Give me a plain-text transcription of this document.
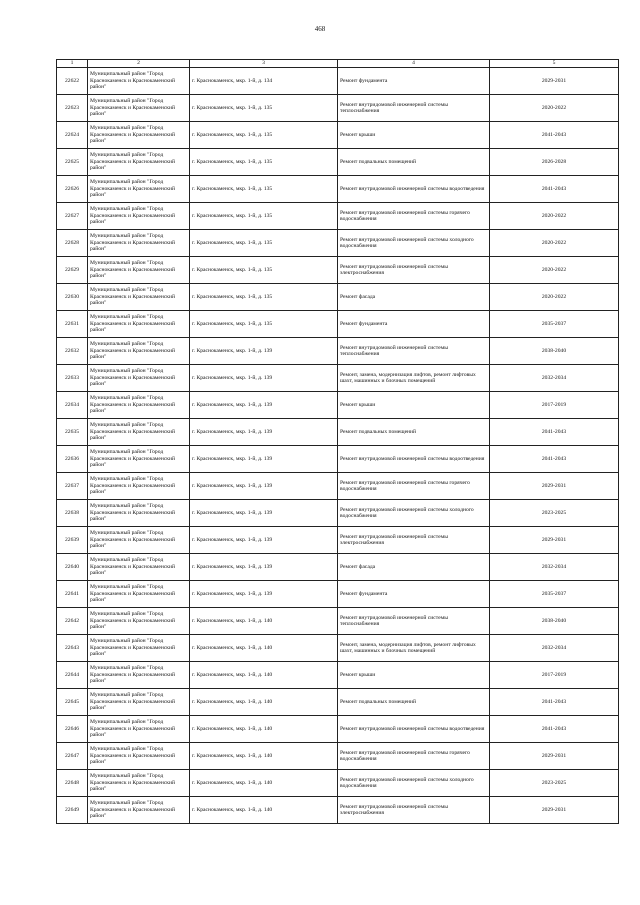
468
1	2	3	4	5
22622	Муниципальный район "Город Краснокаменск и Краснокаменский район"	г. Краснокаменск, мкр. 1-й, д. 134	Ремонт фундамента	2029-2031
22623	Муниципальный район "Город Краснокаменск и Краснокаменский район"	г. Краснокаменск, мкр. 1-й, д. 135	Ремонт внутридомовой инженерной системы теплоснабжения	2020-2022
22624	Муниципальный район "Город Краснокаменск и Краснокаменский район"	г. Краснокаменск, мкр. 1-й, д. 135	Ремонт крыши	2041-2043
22625	Муниципальный район "Город Краснокаменск и Краснокаменский район"	г. Краснокаменск, мкр. 1-й, д. 135	Ремонт подвальных помещений	2026-2028
22626	Муниципальный район "Город Краснокаменск и Краснокаменский район"	г. Краснокаменск, мкр. 1-й, д. 135	Ремонт внутридомовой инженерной системы водоотведения	2041-2043
22627	Муниципальный район "Город Краснокаменск и Краснокаменский район"	г. Краснокаменск, мкр. 1-й, д. 135	Ремонт внутридомовой инженерной системы горячего водоснабжения	2020-2022
22628	Муниципальный район "Город Краснокаменск и Краснокаменский район"	г. Краснокаменск, мкр. 1-й, д. 135	Ремонт внутридомовой инженерной системы холодного водоснабжения	2020-2022
22629	Муниципальный район "Город Краснокаменск и Краснокаменский район"	г. Краснокаменск, мкр. 1-й, д. 135	Ремонт внутридомовой инженерной системы электроснабжения	2020-2022
22630	Муниципальный район "Город Краснокаменск и Краснокаменский район"	г. Краснокаменск, мкр. 1-й, д. 135	Ремонт фасада	2020-2022
22631	Муниципальный район "Город Краснокаменск и Краснокаменский район"	г. Краснокаменск, мкр. 1-й, д. 135	Ремонт фундамента	2035-2037
22632	Муниципальный район "Город Краснокаменск и Краснокаменский район"	г. Краснокаменск, мкр. 1-й, д. 139	Ремонт внутридомовой инженерной системы теплоснабжения	2038-2040
22633	Муниципальный район "Город Краснокаменск и Краснокаменский район"	г. Краснокаменск, мкр. 1-й, д. 139	Ремонт, замена, модернизация лифтов, ремонт лифтовых шахт, машинных и блочных помещений	2032-2034
22634	Муниципальный район "Город Краснокаменск и Краснокаменский район"	г. Краснокаменск, мкр. 1-й, д. 139	Ремонт крыши	2017-2019
22635	Муниципальный район "Город Краснокаменск и Краснокаменский район"	г. Краснокаменск, мкр. 1-й, д. 139	Ремонт подвальных помещений	2041-2043
22636	Муниципальный район "Город Краснокаменск и Краснокаменский район"	г. Краснокаменск, мкр. 1-й, д. 139	Ремонт внутридомовой инженерной системы водоотведения	2041-2043
22637	Муниципальный район "Город Краснокаменск и Краснокаменский район"	г. Краснокаменск, мкр. 1-й, д. 139	Ремонт внутридомовой инженерной системы горячего водоснабжения	2029-2031
22638	Муниципальный район "Город Краснокаменск и Краснокаменский район"	г. Краснокаменск, мкр. 1-й, д. 139	Ремонт внутридомовой инженерной системы холодного водоснабжения	2023-2025
22639	Муниципальный район "Город Краснокаменск и Краснокаменский район"	г. Краснокаменск, мкр. 1-й, д. 139	Ремонт внутридомовой инженерной системы электроснабжения	2029-2031
22640	Муниципальный район "Город Краснокаменск и Краснокаменский район"	г. Краснокаменск, мкр. 1-й, д. 139	Ремонт фасада	2032-2034
22641	Муниципальный район "Город Краснокаменск и Краснокаменский район"	г. Краснокаменск, мкр. 1-й, д. 139	Ремонт фундамента	2035-2037
22642	Муниципальный район "Город Краснокаменск и Краснокаменский район"	г. Краснокаменск, мкр. 1-й, д. 140	Ремонт внутридомовой инженерной системы теплоснабжения	2038-2040
22643	Муниципальный район "Город Краснокаменск и Краснокаменский район"	г. Краснокаменск, мкр. 1-й, д. 140	Ремонт, замена, модернизация лифтов, ремонт лифтовых шахт, машинных и блочных помещений	2032-2034
22644	Муниципальный район "Город Краснокаменск и Краснокаменский район"	г. Краснокаменск, мкр. 1-й, д. 140	Ремонт крыши	2017-2019
22645	Муниципальный район "Город Краснокаменск и Краснокаменский район"	г. Краснокаменск, мкр. 1-й, д. 140	Ремонт подвальных помещений	2041-2043
22646	Муниципальный район "Город Краснокаменск и Краснокаменский район"	г. Краснокаменск, мкр. 1-й, д. 140	Ремонт внутридомовой инженерной системы водоотведения	2041-2043
22647	Муниципальный район "Город Краснокаменск и Краснокаменский район"	г. Краснокаменск, мкр. 1-й, д. 140	Ремонт внутридомовой инженерной системы горячего водоснабжения	2029-2031
22648	Муниципальный район "Город Краснокаменск и Краснокаменский район"	г. Краснокаменск, мкр. 1-й, д. 140	Ремонт внутридомовой инженерной системы холодного водоснабжения	2023-2025
22649	Муниципальный район "Город Краснокаменск и Краснокаменский район"	г. Краснокаменск, мкр. 1-й, д. 140	Ремонт внутридомовой инженерной системы электроснабжения	2029-2031
